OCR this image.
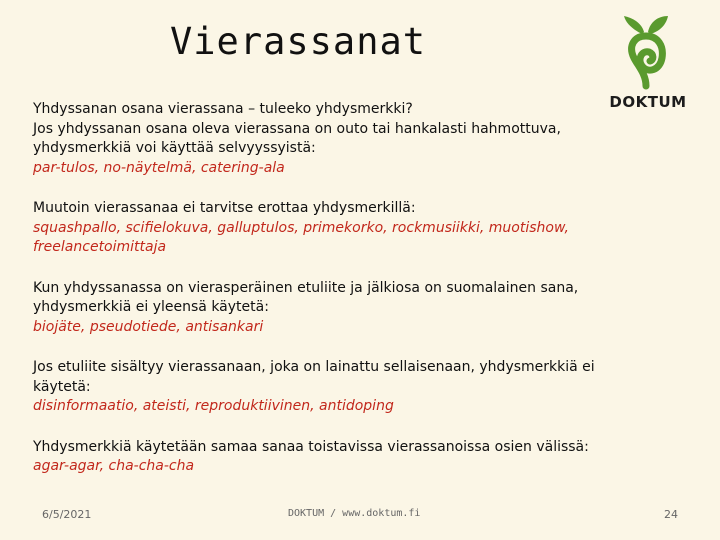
Vierassanat
DOKTUM
Yhdyssanan osana vierassana – tuleeko yhdysmerkki?
Jos yhdyssanan osana oleva vierassana on outo tai hankalasti hahmottuva,
yhdysmerkkiä voi käyttää selvyyssyistä:
par-tulos, no-näytelmä, catering-ala
Muutoin vierassanaa ei tarvitse erottaa yhdysmerkillä:
squashpallo, scifielokuva, galluptulos, primekorko, rockmusiikki, muotishow, freelancetoimittaja
Kun yhdyssanassa on vierasperäinen etuliite ja jälkiosa on suomalainen sana,
yhdysmerkkiä ei yleensä käytetä:
biojäte, pseudotiede, antisankari
Jos etuliite sisältyy vierassanaan, joka on lainattu sellaisenaan, yhdysmerkkiä ei
käytetä:
disinformaatio, ateisti, reproduktiivinen, antidoping
Yhdysmerkkiä käytetään samaa sanaa toistavissa vierassanoissa osien välissä:
agar-agar, cha-cha-cha
6/5/2021	DOKTUM / www.doktum.fi	24
